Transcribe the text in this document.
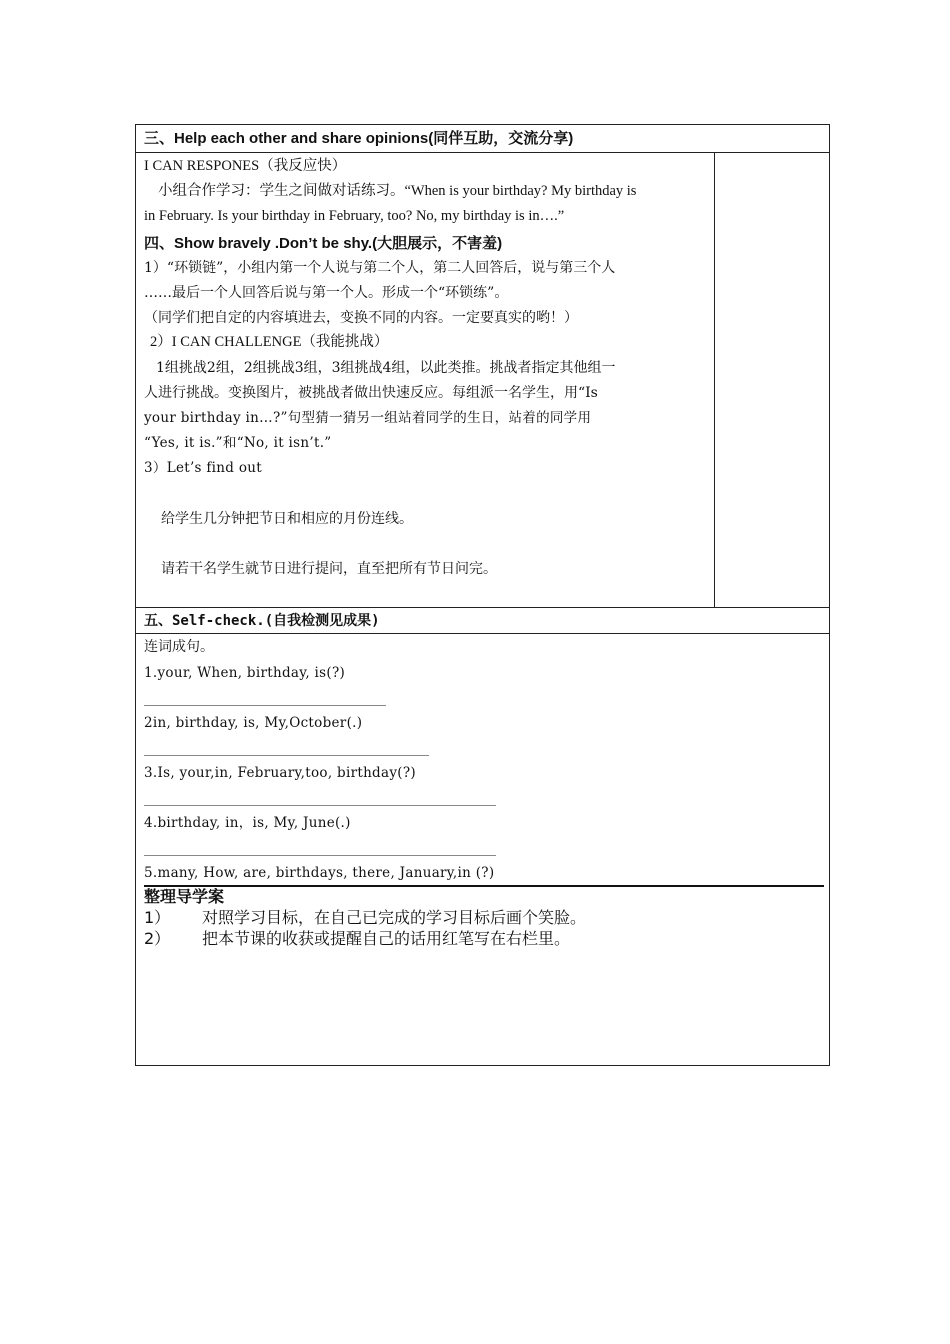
三、Help each other and share opinions(同伴互助，交流分享)
I CAN RESPONES（我反应快）
小组合作学习：学生之间做对话练习。“When is your birthday? My birthday is
in February. Is your birthday in February, too? No, my birthday is in….”
四、Show bravely .Don’t be shy.(大胆展示，不害羞)
1）“环锁链”，小组内第一个人说与第二个人，第二人回答后，说与第三个人
……最后一个人回答后说与第一个人。形成一个“环锁练”。
（同学们把自定的内容填进去，变换不同的内容。一定要真实的哟！）
2）I CAN CHALLENGE（我能挑战）
1组挑战2组，2组挑战3组，3组挑战4组，以此类推。挑战者指定其他组一
人进行挑战。变换图片，被挑战者做出快速反应。每组派一名学生，用“Is
your birthday in…?”句型猜一猜另一组站着同学的生日，站着的同学用
“Yes, it is.”和“No, it isn’t.”
3）Let’s find out
给学生几分钟把节日和相应的月份连线。
请若干名学生就节日进行提问，直至把所有节日问完。
五、Self-check.(自我检测见成果)
连词成句。
1.your, When, birthday, is(?)
2in, birthday, is, My,October(.)
3.Is, your,in, February,too, birthday(?)
4.birthday, in，is, My, June(.)
5.many, How, are, birthdays, there, January,in (?)
整理导学案
1） 对照学习目标，在自己已完成的学习目标后画个笑脸。
2） 把本节课的收获或提醒自己的话用红笔写在右栏里。
